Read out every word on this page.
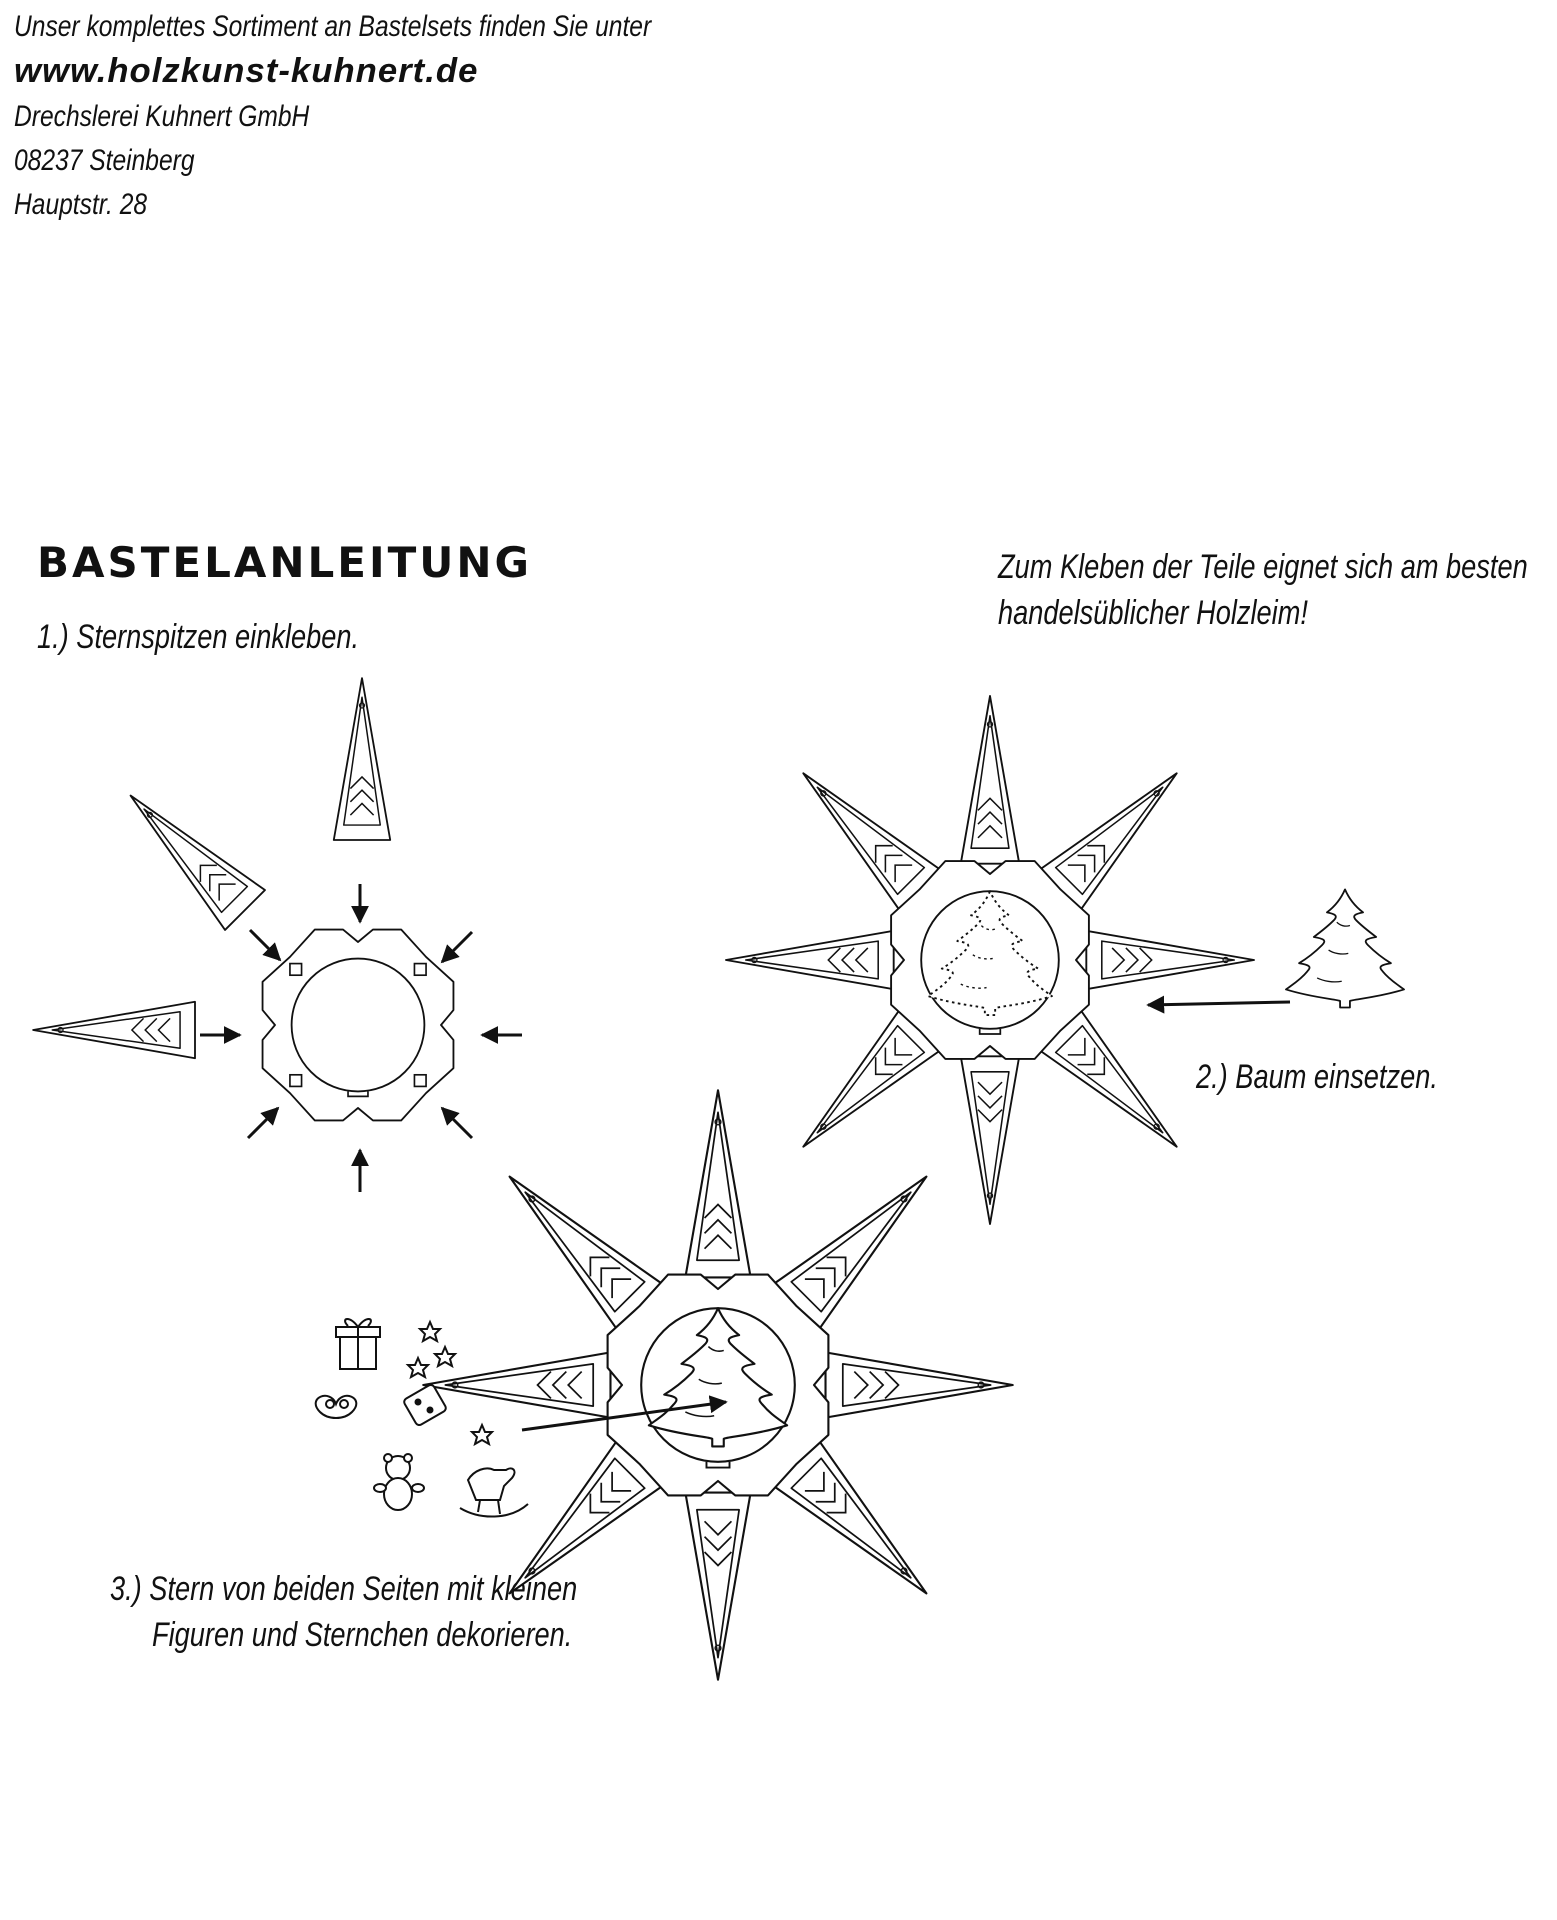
Unser komplettes Sortiment an Bastelsets finden Sie unter
www.holzkunst-kuhnert.de
Drechslerei Kuhnert GmbH
08237 Steinberg
Hauptstr. 28
BASTELANLEITUNG	Zum Kleben der Teile eignet sich am besten
handelsüblicher Holzleim!
1.) Sternspitzen einkleben.
2.) Baum einsetzen.
3.) Stern von beiden Seiten mit kleinen
Figuren und Sternchen dekorieren.
